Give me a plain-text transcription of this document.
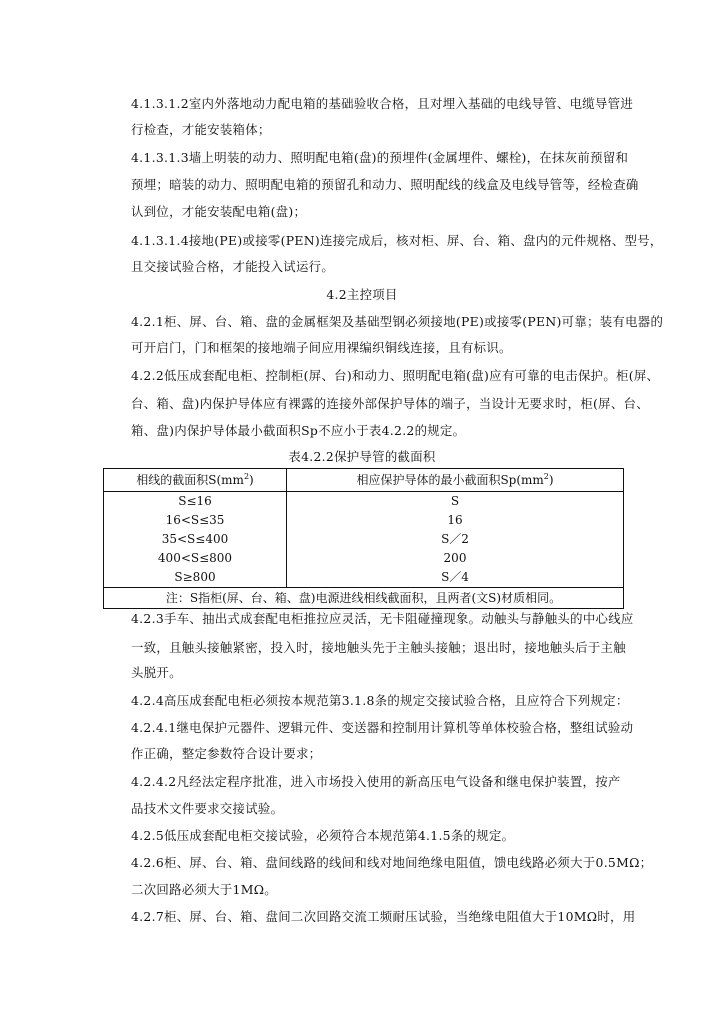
4.1.3.1.2室内外落地动力配电箱的基础验收合格，且对埋入基础的电线导管、电缆导管进
行检查，才能安装箱体；
4.1.3.1.3墙上明装的动力、照明配电箱(盘)的预埋件(金属埋件、螺栓)，在抹灰前预留和
预埋；暗装的动力、照明配电箱的预留孔和动力、照明配线的线盒及电线导管等，经检查确
认到位，才能安装配电箱(盘)；
4.1.3.1.4接地(PE)或接零(PEN)连接完成后，核对柜、屏、台、箱、盘内的元件规格、型号，
且交接试验合格，才能投入试运行。
4.2主控项目
4.2.1柜、屏、台、箱、盘的金属框架及基础型钢必须接地(PE)或接零(PEN)可靠；装有电器的
可开启门，门和框架的接地端子间应用裸编织铜线连接，且有标识。
4.2.2低压成套配电柜、控制柜(屏、台)和动力、照明配电箱(盘)应有可靠的电击保护。柜(屏、
台、箱、盘)内保护导体应有裸露的连接外部保护导体的端子，当设计无要求时，柜(屏、台、
箱、盘)内保护导体最小截面积Sp不应小于表4.2.2的规定。
表4.2.2保护导管的截面积
相线的截面积$S(mm^2)$	相应保护导体的最小截面积$Sp(mm^2)$
S≤16	S
16<S≤35	16
35<S≤400	S／2
400<S≤800	200
S≥800	S／4
注：S指柜(屏、台、箱、盘)电源进线相线截面积，且两者(文S)材质相同。	
4.2.3手车、抽出式成套配电柜推拉应灵活，无卡阻碰撞现象。动触头与静触头的中心线应
一致，且触头接触紧密，投入时，接地触头先于主触头接触；退出时，接地触头后于主触
头脱开。
4.2.4高压成套配电柜必须按本规范第3.1.8条的规定交接试验合格，且应符合下列规定：
4.2.4.1继电保护元器件、逻辑元件、变送器和控制用计算机等单体校验合格，整组试验动
作正确，整定参数符合设计要求；
4.2.4.2凡经法定程序批准，进入市场投入使用的新高压电气设备和继电保护装置，按产
品技术文件要求交接试验。
4.2.5低压成套配电柜交接试验，必须符合本规范第4.1.5条的规定。
4.2.6柜、屏、台、箱、盘间线路的线间和线对地间绝缘电阻值，馈电线路必须大于0.5MΩ；
二次回路必须大于1MΩ。
4.2.7柜、屏、台、箱、盘间二次回路交流工频耐压试验，当绝缘电阻值大于10MΩ时，用
